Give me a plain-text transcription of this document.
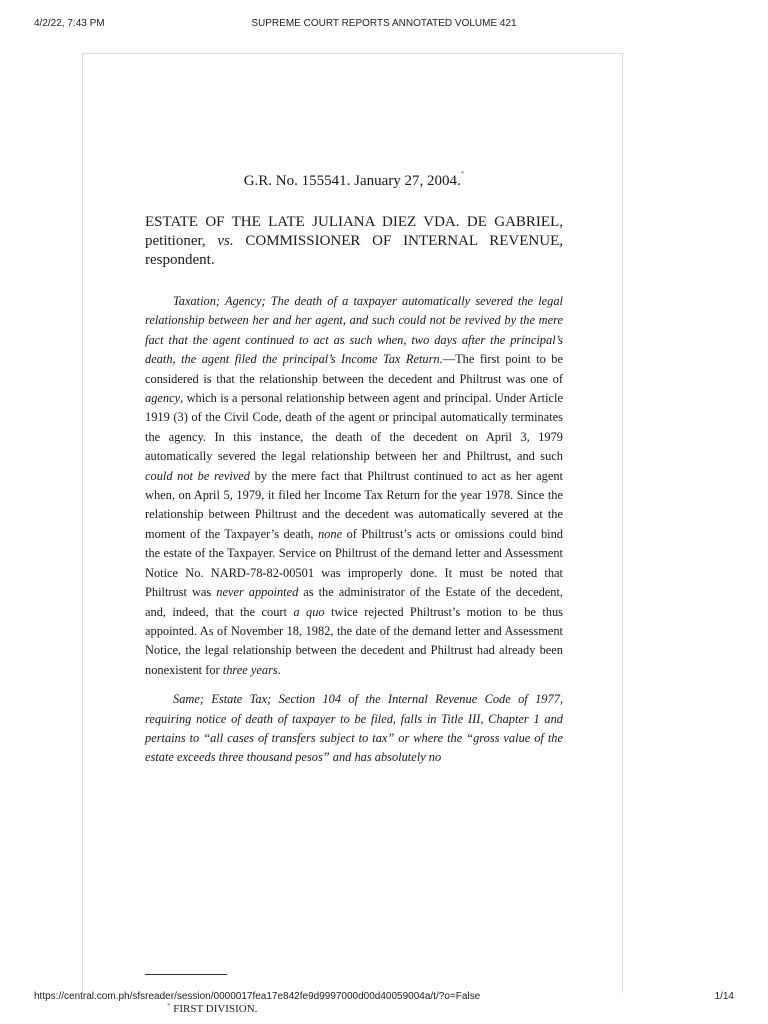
4/2/22, 7:43 PM	SUPREME COURT REPORTS ANNOTATED VOLUME 421

G.R. No. 155541. January 27, 2004.*

ESTATE OF THE LATE JULIANA DIEZ VDA. DE GABRIEL, petitioner, vs. COMMISSIONER OF INTERNAL REVENUE, respondent.

Taxation; Agency; The death of a taxpayer automatically severed the legal relationship between her and her agent, and such could not be revived by the mere fact that the agent continued to act as such when, two days after the principal’s death, the agent filed the principal’s Income Tax Return.—The first point to be considered is that the relationship between the decedent and Philtrust was one of agency, which is a personal relationship between agent and principal. Under Article 1919 (3) of the Civil Code, death of the agent or principal automatically terminates the agency. In this instance, the death of the decedent on April 3, 1979 automatically severed the legal relationship between her and Philtrust, and such could not be revived by the mere fact that Philtrust continued to act as her agent when, on April 5, 1979, it filed her Income Tax Return for the year 1978. Since the relationship between Philtrust and the decedent was automatically severed at the moment of the Taxpayer’s death, none of Philtrust’s acts or omissions could bind the estate of the Taxpayer. Service on Philtrust of the demand letter and Assessment Notice No. NARD-78-82-00501 was improperly done. It must be noted that Philtrust was never appointed as the administrator of the Estate of the decedent, and, indeed, that the court a quo twice rejected Philtrust’s motion to be thus appointed. As of November 18, 1982, the date of the demand letter and Assessment Notice, the legal relationship between the decedent and Philtrust had already been nonexistent for three years.

Same; Estate Tax; Section 104 of the Internal Revenue Code of 1977, requiring notice of death of taxpayer to be filed, falls in Title III, Chapter 1 and pertains to “all cases of transfers subject to tax” or where the “gross value of the estate exceeds three thousand pesos” and has absolutely no

* FIRST DIVISION.
https://central.com.ph/sfsreader/session/0000017fea17e842fe9d9997000d00d40059004a/t/?o=False	1/14
